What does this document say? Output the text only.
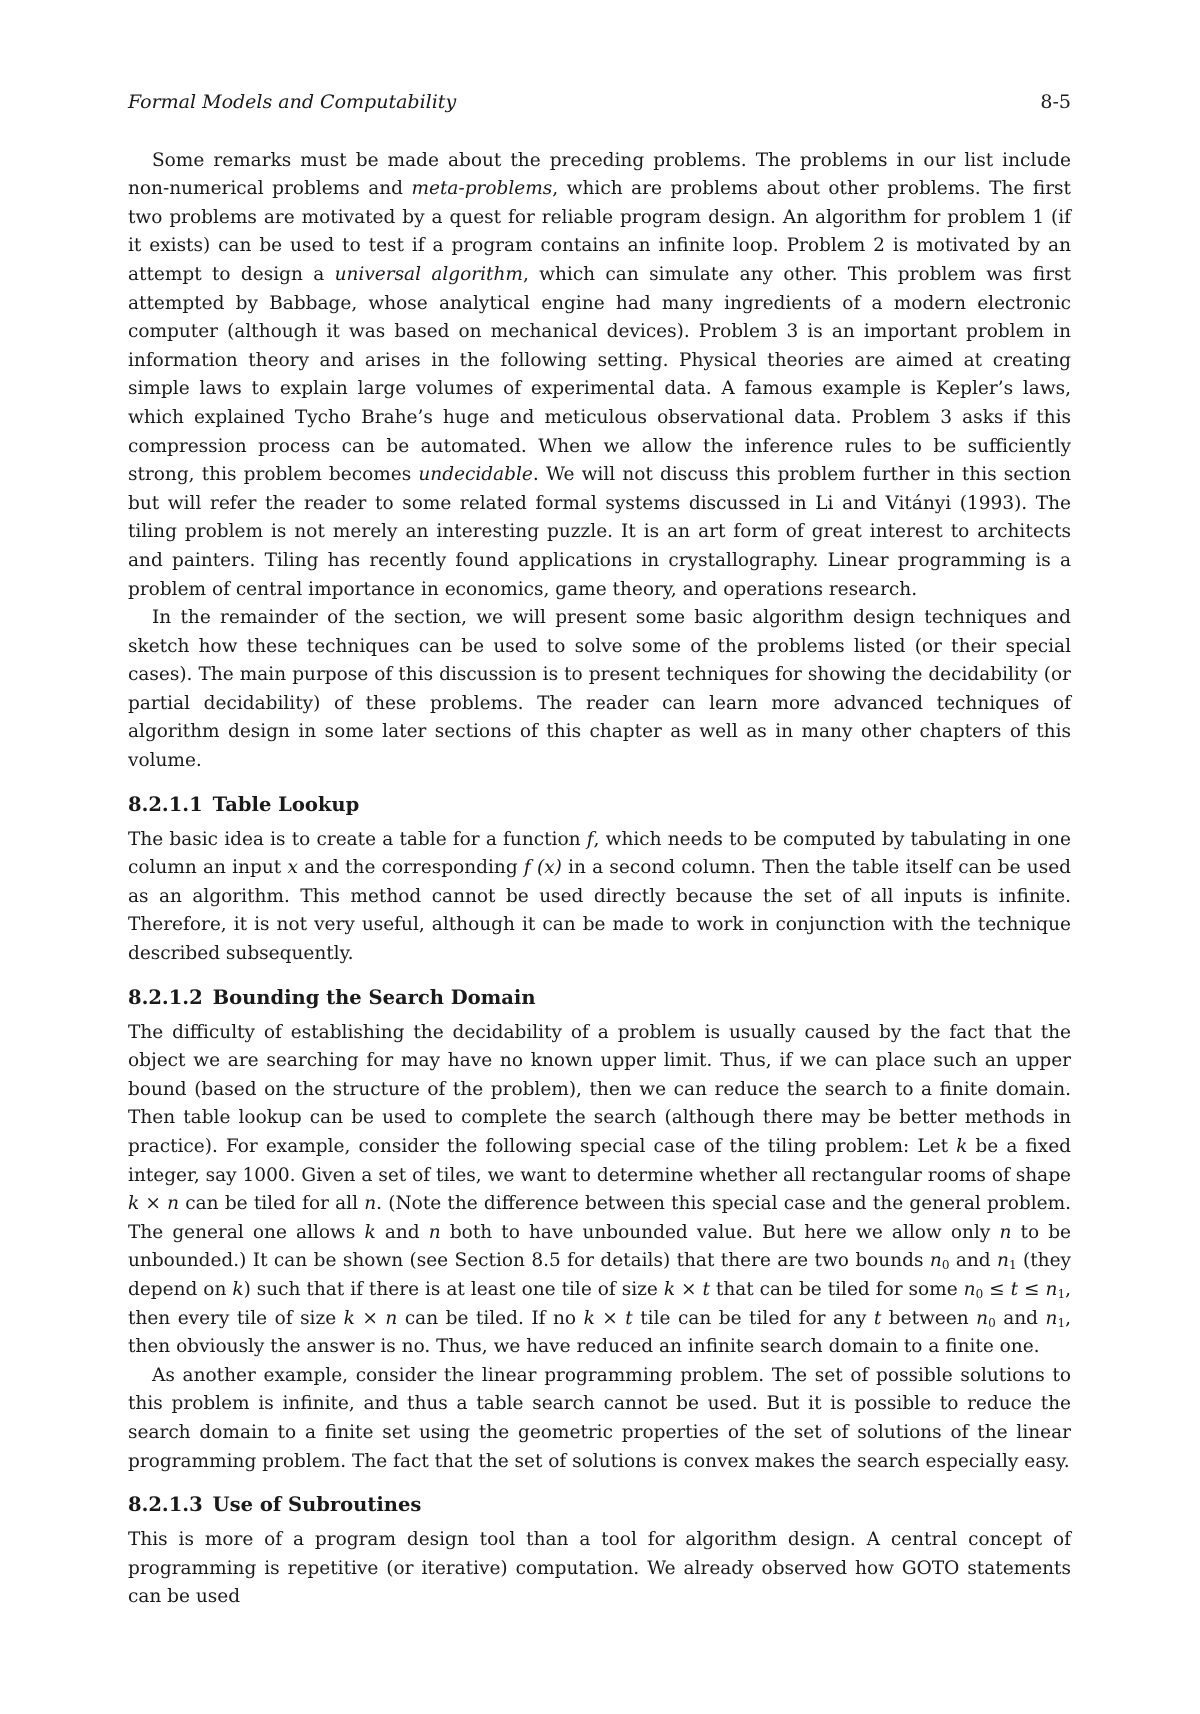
Formal Models and Computability	8-5

Some remarks must be made about the preceding problems. The problems in our list include non-numerical problems and meta-problems, which are problems about other problems. The first two problems are motivated by a quest for reliable program design. An algorithm for problem 1 (if it exists) can be used to test if a program contains an infinite loop. Problem 2 is motivated by an attempt to design a universal algorithm, which can simulate any other. This problem was first attempted by Babbage, whose analytical engine had many ingredients of a modern electronic computer (although it was based on mechanical devices). Problem 3 is an important problem in information theory and arises in the following setting. Physical theories are aimed at creating simple laws to explain large volumes of experimental data. A famous example is Kepler’s laws, which explained Tycho Brahe’s huge and meticulous observational data. Problem 3 asks if this compression process can be automated. When we allow the inference rules to be sufficiently strong, this problem becomes undecidable. We will not discuss this problem further in this section but will refer the reader to some related formal systems discussed in Li and Vitányi (1993). The tiling problem is not merely an interesting puzzle. It is an art form of great interest to architects and painters. Tiling has recently found applications in crystallography. Linear programming is a problem of central importance in economics, game theory, and operations research.

In the remainder of the section, we will present some basic algorithm design techniques and sketch how these techniques can be used to solve some of the problems listed (or their special cases). The main purpose of this discussion is to present techniques for showing the decidability (or partial decidability) of these problems. The reader can learn more advanced techniques of algorithm design in some later sections of this chapter as well as in many other chapters of this volume.

8.2.1.1 Table Lookup

The basic idea is to create a table for a function f, which needs to be computed by tabulating in one column an input x and the corresponding f (x) in a second column. Then the table itself can be used as an algorithm. This method cannot be used directly because the set of all inputs is infinite. Therefore, it is not very useful, although it can be made to work in conjunction with the technique described subsequently.

8.2.1.2 Bounding the Search Domain

The difficulty of establishing the decidability of a problem is usually caused by the fact that the object we are searching for may have no known upper limit. Thus, if we can place such an upper bound (based on the structure of the problem), then we can reduce the search to a finite domain. Then table lookup can be used to complete the search (although there may be better methods in practice). For example, consider the following special case of the tiling problem: Let k be a fixed integer, say 1000. Given a set of tiles, we want to determine whether all rectangular rooms of shape k × n can be tiled for all n. (Note the difference between this special case and the general problem. The general one allows k and n both to have unbounded value. But here we allow only n to be unbounded.) It can be shown (see Section 8.5 for details) that there are two bounds $n_0$ and $n_1$ (they depend on k) such that if there is at least one tile of size k × t that can be tiled for some $n_0 \le t \le n_1$, then every tile of size k × n can be tiled. If no k × t tile can be tiled for any t between $n_0$ and $n_1$, then obviously the answer is no. Thus, we have reduced an infinite search domain to a finite one.

As another example, consider the linear programming problem. The set of possible solutions to this problem is infinite, and thus a table search cannot be used. But it is possible to reduce the search domain to a finite set using the geometric properties of the set of solutions of the linear programming problem. The fact that the set of solutions is convex makes the search especially easy.

8.2.1.3 Use of Subroutines

This is more of a program design tool than a tool for algorithm design. A central concept of programming is repetitive (or iterative) computation. We already observed how GOTO statements can be used
